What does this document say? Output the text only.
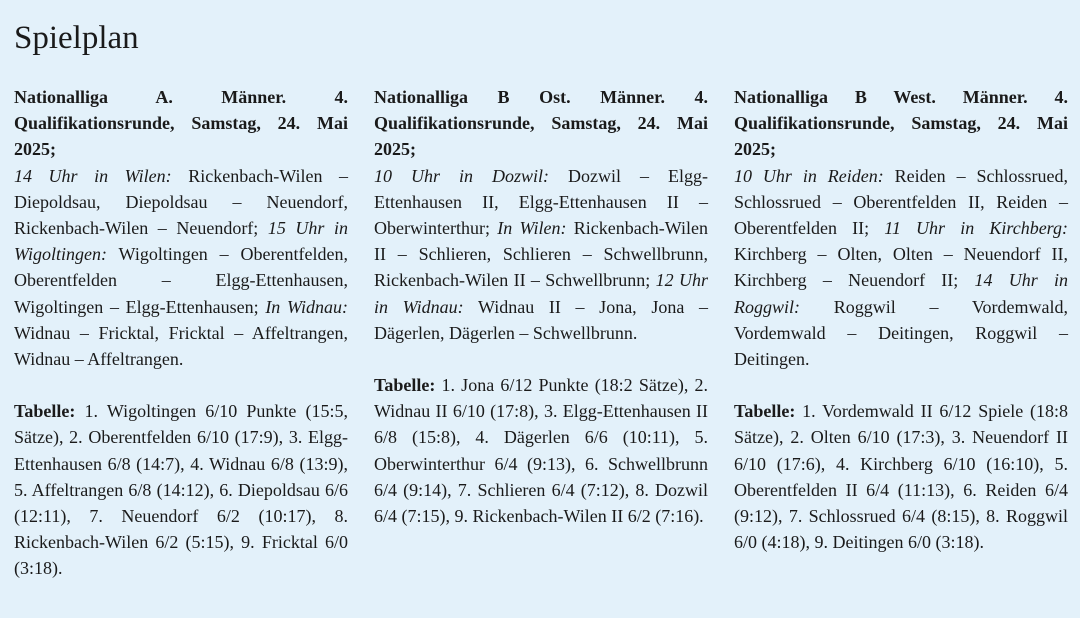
Spielplan

Nationalliga A. Männer. 4. Qualifikationsrunde, Samstag, 24. Mai 2025;

14 Uhr in Wilen: Rickenbach-Wilen – Diepoldsau, Diepoldsau – Neuendorf, Rickenbach-Wilen – Neuendorf; 15 Uhr in Wigoltingen: Wigoltingen – Oberentfelden, Oberentfelden – Elgg-Ettenhausen, Wigoltingen – Elgg-Ettenhausen; In Widnau: Widnau – Fricktal, Fricktal – Affeltrangen, Widnau – Affeltrangen.

Tabelle: 1. Wigoltingen 6/10 Punkte (15:5, Sätze), 2. Oberentfelden 6/10 (17:9), 3. Elgg-Ettenhausen 6/8 (14:7), 4. Widnau 6/8 (13:9), 5. Affeltrangen 6/8 (14:12), 6. Diepoldsau 6/6 (12:11), 7. Neuendorf 6/2 (10:17), 8. Rickenbach-Wilen 6/2 (5:15), 9. Fricktal 6/0 (3:18).

Nationalliga B Ost. Männer. 4. Qualifikationsrunde, Samstag, 24. Mai 2025;

10 Uhr in Dozwil: Dozwil – Elgg-Ettenhausen II, Elgg-Ettenhausen II – Oberwinterthur; In Wilen: Rickenbach-Wilen II – Schlieren, Schlieren – Schwellbrunn, Rickenbach-Wilen II – Schwellbrunn; 12 Uhr in Widnau: Widnau II – Jona, Jona – Dägerlen, Dägerlen – Schwellbrunn.

Tabelle: 1. Jona 6/12 Punkte (18:2 Sätze), 2. Widnau II 6/10 (17:8), 3. Elgg-Ettenhausen II 6/8 (15:8), 4. Dägerlen 6/6 (10:11), 5. Oberwinterthur 6/4 (9:13), 6. Schwellbrunn 6/4 (9:14), 7. Schlieren 6/4 (7:12), 8. Dozwil 6/4 (7:15), 9. Rickenbach-Wilen II 6/2 (7:16).

Nationalliga B West. Männer. 4. Qualifikationsrunde, Samstag, 24. Mai 2025;

10 Uhr in Reiden: Reiden – Schlossrued, Schlossrued – Oberentfelden II, Reiden – Oberentfelden II; 11 Uhr in Kirchberg: Kirchberg – Olten, Olten – Neuendorf II, Kirchberg – Neuendorf II; 14 Uhr in Roggwil: Roggwil – Vordemwald, Vordemwald – Deitingen, Roggwil – Deitingen.

Tabelle: 1. Vordemwald II 6/12 Spiele (18:8 Sätze), 2. Olten 6/10 (17:3), 3. Neuendorf II 6/10 (17:6), 4. Kirchberg 6/10 (16:10), 5. Oberentfelden II 6/4 (11:13), 6. Reiden 6/4 (9:12), 7. Schlossrued 6/4 (8:15), 8. Roggwil 6/0 (4:18), 9. Deitingen 6/0 (3:18).
